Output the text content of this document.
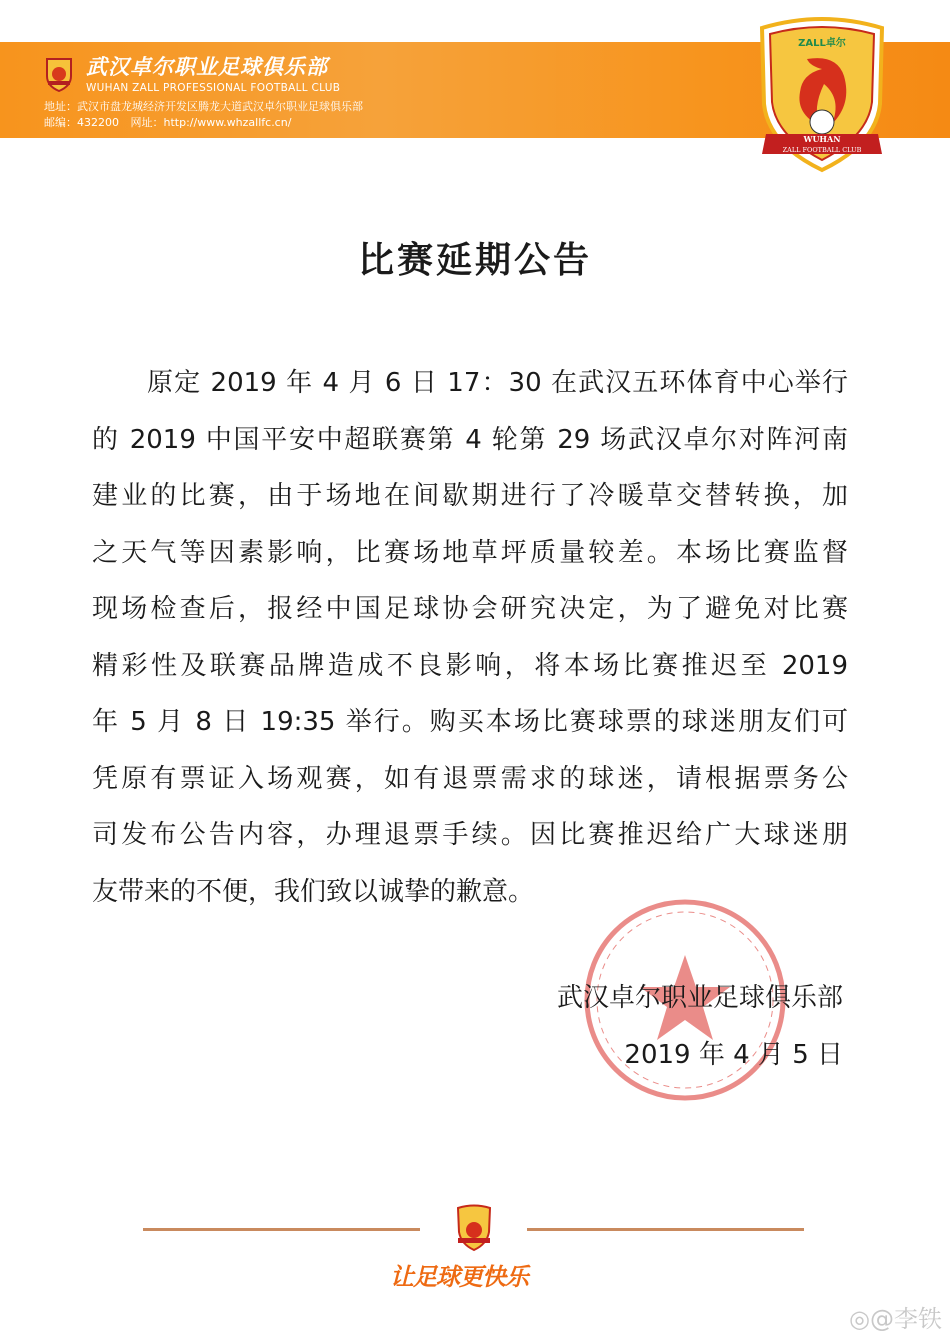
武汉卓尔职业足球俱乐部
WUHAN ZALL PROFESSIONAL FOOTBALL CLUB
地址：武汉市盘龙城经济开发区腾龙大道武汉卓尔职业足球俱乐部
邮编：432200 网址：http://www.whzallfc.cn/
ZALL卓尔
WUHAN
ZALL FOOTBALL CLUB
比赛延期公告
原定 2019 年 4 月 6 日 17：30 在武汉五环体育中心举行
的 2019 中国平安中超联赛第 4 轮第 29 场武汉卓尔对阵河南
建业的比赛，由于场地在间歇期进行了冷暖草交替转换，加
之天气等因素影响，比赛场地草坪质量较差。本场比赛监督
现场检查后，报经中国足球协会研究决定，为了避免对比赛
精彩性及联赛品牌造成不良影响，将本场比赛推迟至 2019
年 5 月 8 日 19:35 举行。购买本场比赛球票的球迷朋友们可
凭原有票证入场观赛，如有退票需求的球迷，请根据票务公
司发布公告内容，办理退票手续。因比赛推迟给广大球迷朋
友带来的不便，我们致以诚挚的歉意。
武汉卓尔职业足球俱乐部
2019 年 4 月 5 日
让足球更快乐
◎@李铁
